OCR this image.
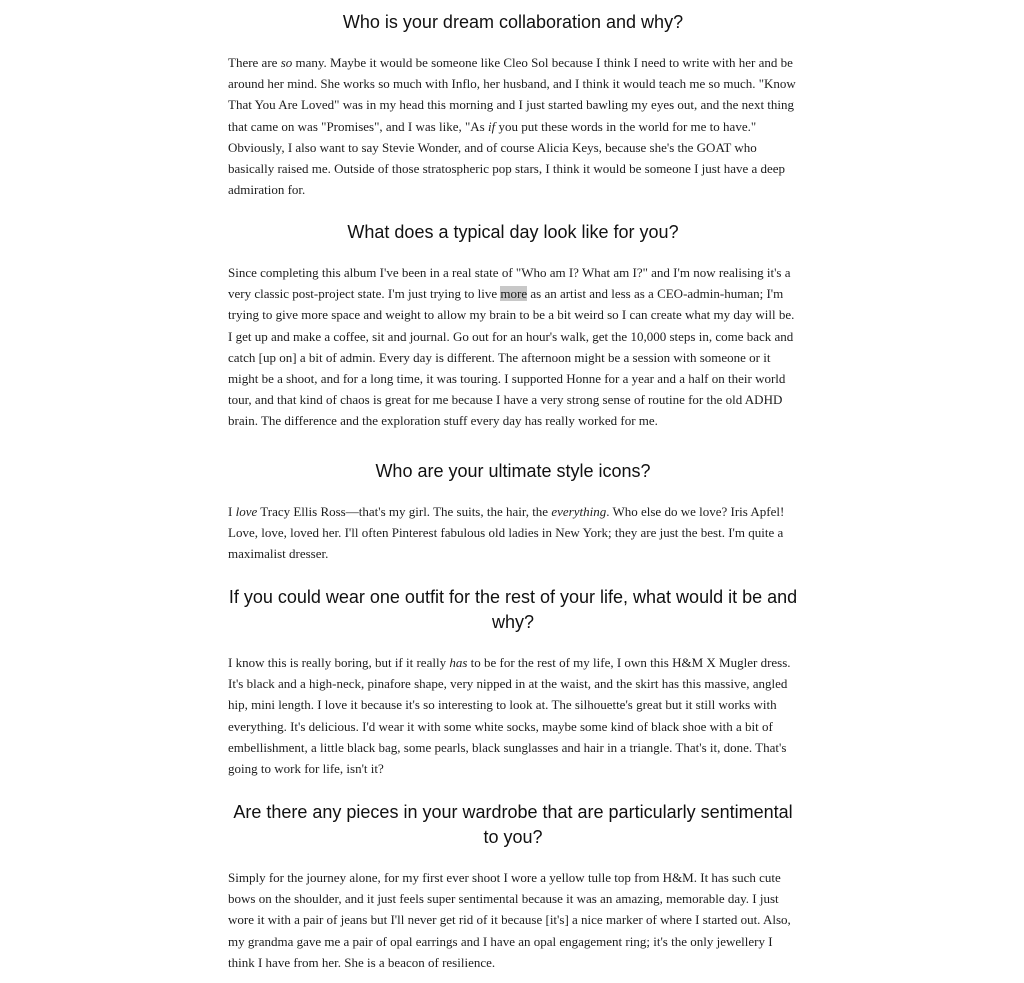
Who is your dream collaboration and why?

There are so many. Maybe it would be someone like Cleo Sol because I think I need to write with her and be around her mind. She works so much with Inflo, her husband, and I think it would teach me so much. "Know That You Are Loved" was in my head this morning and I just started bawling my eyes out, and the next thing that came on was "Promises", and I was like, "As if you put these words in the world for me to have." Obviously, I also want to say Stevie Wonder, and of course Alicia Keys, because she's the GOAT who basically raised me. Outside of those stratospheric pop stars, I think it would be someone I just have a deep admiration for.

What does a typical day look like for you?

Since completing this album I've been in a real state of "Who am I? What am I?" and I'm now realising it's a very classic post-project state. I'm just trying to live more as an artist and less as a CEO-admin-human; I'm trying to give more space and weight to allow my brain to be a bit weird so I can create what my day will be. I get up and make a coffee, sit and journal. Go out for an hour's walk, get the 10,000 steps in, come back and catch [up on] a bit of admin. Every day is different. The afternoon might be a session with someone or it might be a shoot, and for a long time, it was touring. I supported Honne for a year and a half on their world tour, and that kind of chaos is great for me because I have a very strong sense of routine for the old ADHD brain. The difference and the exploration stuff every day has really worked for me.

Who are your ultimate style icons?

I love Tracy Ellis Ross—that's my girl. The suits, the hair, the everything. Who else do we love? Iris Apfel! Love, love, loved her. I'll often Pinterest fabulous old ladies in New York; they are just the best. I'm quite a maximalist dresser.

If you could wear one outfit for the rest of your life, what would it be and why?

I know this is really boring, but if it really has to be for the rest of my life, I own this H&M X Mugler dress. It's black and a high-neck, pinafore shape, very nipped in at the waist, and the skirt has this massive, angled hip, mini length. I love it because it's so interesting to look at. The silhouette's great but it still works with everything. It's delicious. I'd wear it with some white socks, maybe some kind of black shoe with a bit of embellishment, a little black bag, some pearls, black sunglasses and hair in a triangle. That's it, done. That's going to work for life, isn't it?

Are there any pieces in your wardrobe that are particularly sentimental to you?

Simply for the journey alone, for my first ever shoot I wore a yellow tulle top from H&M. It has such cute bows on the shoulder, and it just feels super sentimental because it was an amazing, memorable day. I just wore it with a pair of jeans but I'll never get rid of it because [it's] a nice marker of where I started out. Also, my grandma gave me a pair of opal earrings and I have an opal engagement ring; it's the only jewellery I think I have from her. She is a beacon of resilience.
